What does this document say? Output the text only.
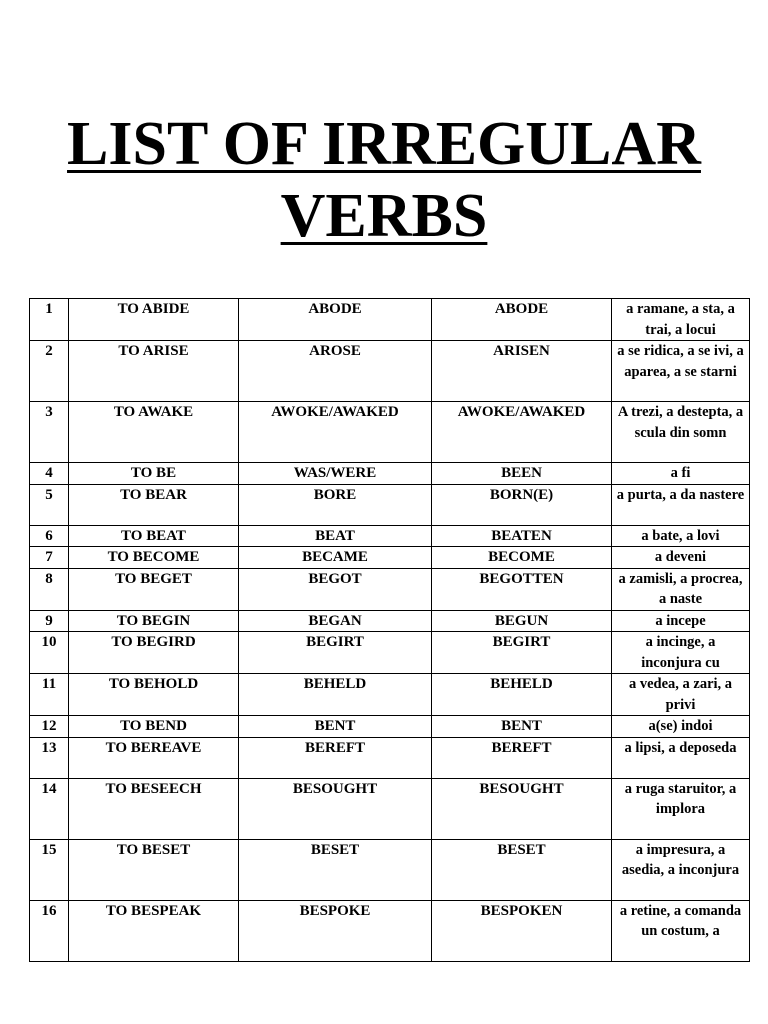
LIST OF IRREGULAR
VERBS
1	TO ABIDE	ABODE	ABODE	a ramane, a sta, a trai, a locui
2	TO ARISE	AROSE	ARISEN	a se ridica, a se ivi, a aparea, a se starni
3	TO AWAKE	AWOKE/AWAKED	AWOKE/AWAKED	A trezi, a destepta, a scula din somn
4	TO BE	WAS/WERE	BEEN	a fi
5	TO BEAR	BORE	BORN(E)	a purta, a da nastere
6	TO BEAT	BEAT	BEATEN	a bate, a lovi
7	TO BECOME	BECAME	BECOME	a deveni
8	TO BEGET	BEGOT	BEGOTTEN	a zamisli, a procrea, a naste
9	TO BEGIN	BEGAN	BEGUN	a incepe
10	TO BEGIRD	BEGIRT	BEGIRT	a incinge, a inconjura cu
11	TO BEHOLD	BEHELD	BEHELD	a vedea, a zari, a privi
12	TO BEND	BENT	BENT	a(se) indoi
13	TO BEREAVE	BEREFT	BEREFT	a lipsi, a deposeda
14	TO BESEECH	BESOUGHT	BESOUGHT	a ruga staruitor, a implora
15	TO BESET	BESET	BESET	a impresura, a asedia, a inconjura
16	TO BESPEAK	BESPOKE	BESPOKEN	a retine, a comanda un costum, a
